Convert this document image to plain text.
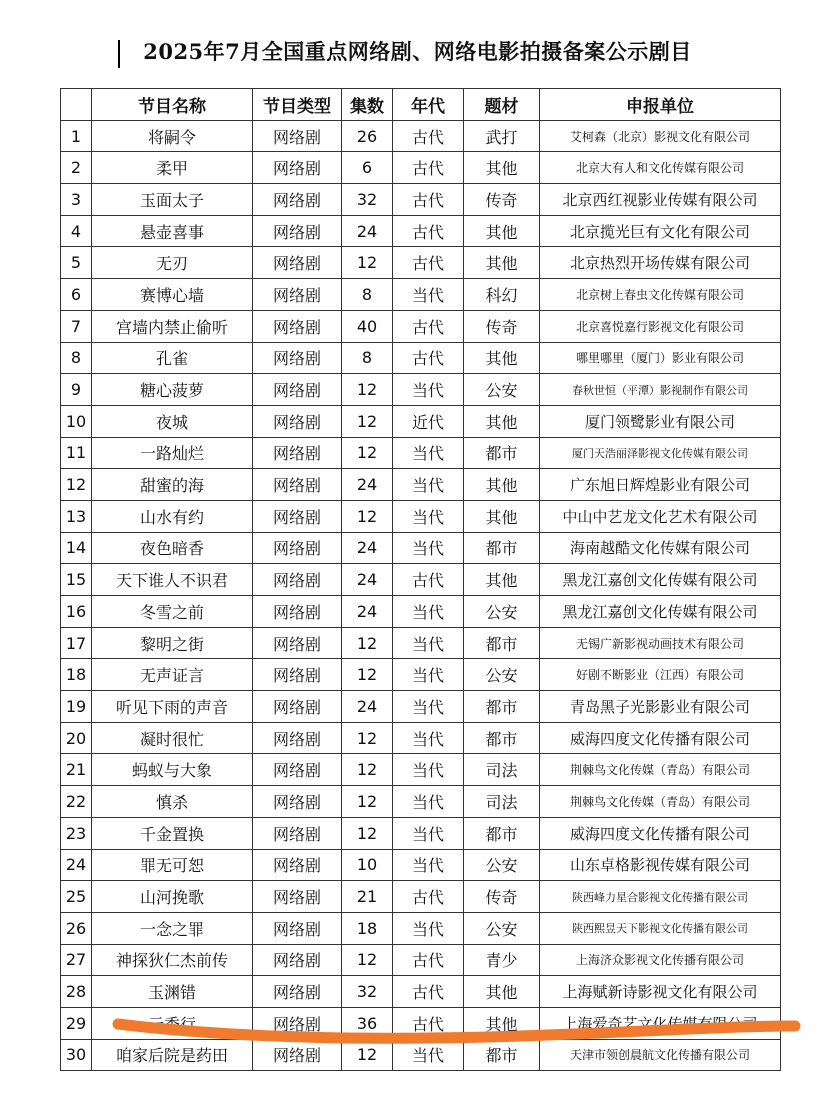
2025年7月全国重点网络剧、网络电影拍摄备案公示剧目
	节目名称	节目类型	集数	年代	题材	申报单位
1	将嗣令	网络剧	26	古代	武打	艾柯森（北京）影视文化有限公司
2	柔甲	网络剧	6	古代	其他	北京大有人和文化传媒有限公司
3	玉面太子	网络剧	32	古代	传奇	北京西红视影业传媒有限公司
4	悬壶喜事	网络剧	24	古代	其他	北京揽光巨有文化有限公司
5	无刃	网络剧	12	古代	其他	北京热烈开场传媒有限公司
6	赛博心墙	网络剧	8	当代	科幻	北京树上春虫文化传媒有限公司
7	宫墙内禁止偷听	网络剧	40	古代	传奇	北京喜悦嘉行影视文化有限公司
8	孔雀	网络剧	8	古代	其他	哪里哪里（厦门）影业有限公司
9	糖心菠萝	网络剧	12	当代	公安	春秋世恒（平潭）影视制作有限公司
10	夜城	网络剧	12	近代	其他	厦门领鹭影业有限公司
11	一路灿烂	网络剧	12	当代	都市	厦门天浩丽泽影视文化传媒有限公司
12	甜蜜的海	网络剧	24	当代	其他	广东旭日辉煌影业有限公司
13	山水有约	网络剧	12	当代	其他	中山中艺龙文化艺术有限公司
14	夜色暗香	网络剧	24	当代	都市	海南越酷文化传媒有限公司
15	天下谁人不识君	网络剧	24	古代	其他	黑龙江嘉创文化传媒有限公司
16	冬雪之前	网络剧	24	当代	公安	黑龙江嘉创文化传媒有限公司
17	黎明之街	网络剧	12	当代	都市	无锡广新影视动画技术有限公司
18	无声证言	网络剧	12	当代	公安	好剧不断影业（江西）有限公司
19	听见下雨的声音	网络剧	24	当代	都市	青岛黑子光影影业有限公司
20	凝时很忙	网络剧	12	当代	都市	威海四度文化传播有限公司
21	蚂蚁与大象	网络剧	12	当代	司法	荆棘鸟文化传媒（青岛）有限公司
22	慎杀	网络剧	12	当代	司法	荆棘鸟文化传媒（青岛）有限公司
23	千金置换	网络剧	12	当代	都市	威海四度文化传播有限公司
24	罪无可恕	网络剧	10	当代	公安	山东卓格影视传媒有限公司
25	山河挽歌	网络剧	21	古代	传奇	陕西峰力星合影视文化传播有限公司
26	一念之罪	网络剧	18	当代	公安	陕西熙昱天下影视文化传播有限公司
27	神探狄仁杰前传	网络剧	12	古代	青少	上海济众影视文化传播有限公司
28	玉渊错	网络剧	32	古代	其他	上海赋新诗影视文化有限公司
29	云秀行	网络剧	36	古代	其他	上海爱奇艺文化传媒有限公司
30	咱家后院是药田	网络剧	12	当代	都市	天津市领创晨航文化传播有限公司
